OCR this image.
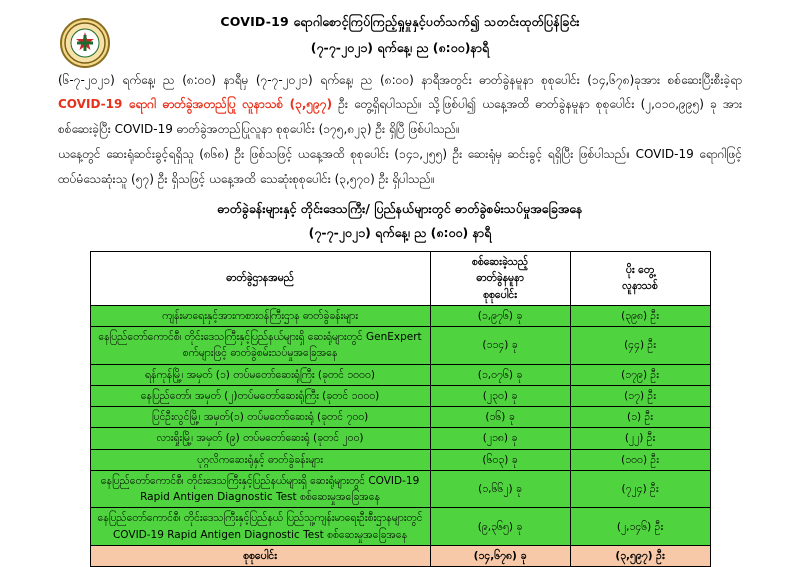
COVID-19 ရောဂါစောင့်ကြပ်ကြည့်ရှုမှုနှင့်ပတ်သက်၍ သတင်းထုတ်ပြန်ခြင်း
(၇-၇-၂၀၂၁) ရက်နေ့၊ ည (၈:၀၀)နာရီ

(၆-၇-၂၀၂၁) ရက်နေ့၊ ည (၈:၀၀) နာရီမှ (၇-၇-၂၀၂၁) ရက်နေ့၊ ည (၈:၀၀) နာရီအတွင်း ဓာတ်ခွဲနမူနာ စုစုပေါင်း (၁၄,၆၇၈)ခုအား စစ်ဆေးပြီးစီးခဲ့ရာ COVID-19 ရောဂါ ဓာတ်ခွဲအတည်ပြု လူနာသစ် (၃,၅၉၇) ဦး တွေ့ရှိရပါသည်။ သို့ဖြစ်ပါ၍ ယနေ့အထိ ဓာတ်ခွဲနမူနာ စုစုပေါင်း (၂,၀၁၀,၉၉၅) ခု အား စစ်ဆေးခဲ့ပြီး COVID-19 ဓာတ်ခွဲအတည်ပြုလူနာ စုစုပေါင်း (၁၇၅,၈၂၃) ဦး ရှိပြီ ဖြစ်ပါသည်။

ယနေ့တွင် ဆေးရုံဆင်းခွင့်ရရှိသူ (၈၆၈) ဦး ဖြစ်သဖြင့် ယနေ့အထိ စုစုပေါင်း (၁၄၁,၂၅၅) ဦး ဆေးရုံမှ ဆင်းခွင့် ရရှိပြီး ဖြစ်ပါသည်။ COVID-19 ရောဂါဖြင့် ထပ်မံသေဆုံးသူ (၅၇) ဦး ရှိသဖြင့် ယနေ့အထိ သေဆုံးစုစုပေါင်း (၃,၅၇၀) ဦး ရှိပါသည်။

ဓာတ်ခွဲခန်းများနှင့် တိုင်းဒေသကြီး/ ပြည်နယ်များတွင် ဓာတ်ခွဲစမ်းသပ်မှုအခြေအနေ
(၇-၇-၂၀၂၁) ရက်နေ့၊ ည (၈:၀၀) နာရီ
ဓာတ်ခွဲဌာနအမည်	စစ်ဆေးခဲ့သည့်
ဓာတ်ခွဲနမူနာ
စုစုပေါင်း	ပိုး တွေ့
လူနာသစ်

ကျန်းမာရေးနှင့်အားကစားဝန်ကြီးဌာန ဓာတ်ခွဲခန်းများ	(၁,၉၇၆) ခု	(၃၉၈) ဦး
နေပြည်တော်ကောင်စီ၊ တိုင်းဒေသကြီးနှင့်ပြည်နယ်များရှိ ဆေးရုံများတွင် GenExpert စက်များဖြင့် ဓာတ်ခွဲစမ်းသပ်မှုအခြေအနေ	(၁၁၄) ခု	(၄၄) ဦး
ရန်ကုန်မြို့၊ အမှတ် (၁) တပ်မတော်ဆေးရုံကြီး (ခုတင် ၁၀၀၀)	(၁,၀၇၆) ခု	(၁၇၉) ဦး
နေပြည်တော်၊ အမှတ် (၂)တပ်မတော်ဆေးရုံကြီး (ခုတင် ၁၀၀၀)	(၂၃၀) ခု	(၁၇) ဦး
ပြင်ဦးလွင်မြို့၊ အမှတ်(၁) တပ်မတော်ဆေးရုံ (ခုတင် ၇၀၀)	(၁၆) ခု	(၁) ဦး
လားရှိုးမြို့၊ အမှတ် (၉) တပ်မတော်ဆေးရုံ (ခုတင် ၂၀၀)	(၂၁၈) ခု	(၂၂) ဦး
ပုဂ္ဂလိကဆေးရုံနှင့် ဓာတ်ခွဲခန်းများ	(၆၀၃) ခု	(၁၀၀) ဦး
နေပြည်တော်ကောင်စီ၊ တိုင်းဒေသကြီးနှင့်ပြည်နယ်များရှိ ဆေးရုံများတွင် COVID-19 Rapid Antigen Diagnostic Test စစ်ဆေးမှုအခြေအနေ	(၁,၆၆၂) ခု	(၇၂၄) ဦး
နေပြည်တော်ကောင်စီ၊ တိုင်းဒေသကြီးနှင့်ပြည်နယ် ပြည်သူ့ကျန်းမာရေးဦးစီးဌာနများတွင် COVID-19 Rapid Antigen Diagnostic Test စစ်ဆေးမှုအခြေအနေ	(၉,၃၆၅) ခု	(၂,၁၄၆) ဦး
စုစုပေါင်း	(၁၄,၆၇၈) ခု	(၃,၅၉၇) ဦး
